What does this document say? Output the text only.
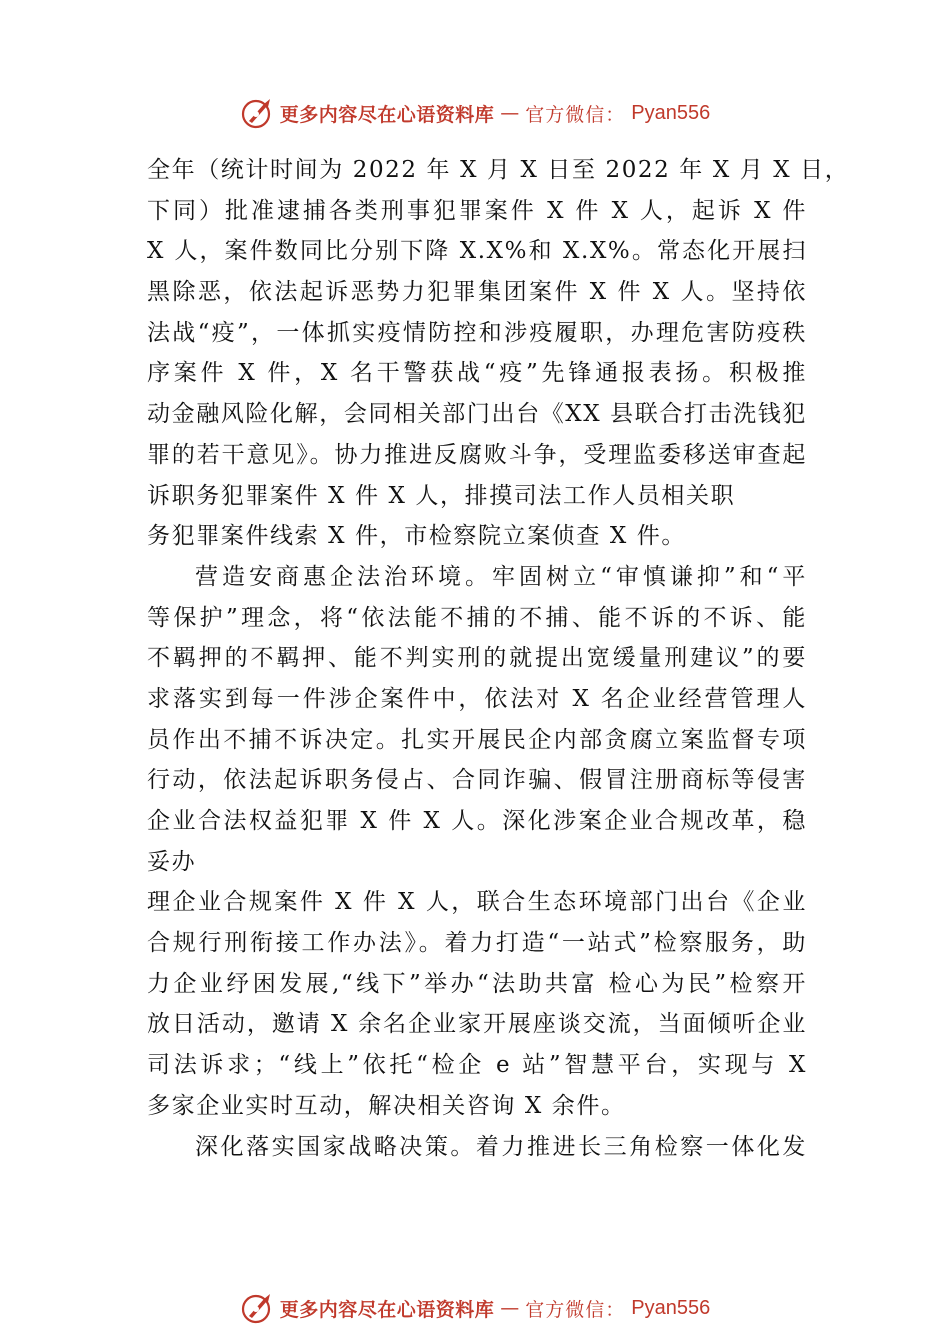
更多内容尽在心语资料库 — 官方微信： Pyan556
全年（统计时间为 2022 年 X 月 X 日至 2022 年 X 月 X 日，
下同）批准逮捕各类刑事犯罪案件 X 件 X 人，起诉 X 件
X 人，案件数同比分别下降 X.X%和 X.X%。常态化开展扫
黑除恶，依法起诉恶势力犯罪集团案件 X 件 X 人。坚持依
法战“疫”，一体抓实疫情防控和涉疫履职，办理危害防疫秩
序案件 X 件，X 名干警获战“疫”先锋通报表扬。积极推
动金融风险化解，会同相关部门出台《XX 县联合打击洗钱犯
罪的若干意见》。协力推进反腐败斗争，受理监委移送审查起
诉职务犯罪案件 X 件 X 人，排摸司法工作人员相关职
务犯罪案件线索 X 件，市检察院立案侦查 X 件。
营造安商惠企法治环境。牢固树立“审慎谦抑”和“平
等保护”理念，将“依法能不捕的不捕、能不诉的不诉、能
不羁押的不羁押、能不判实刑的就提出宽缓量刑建议”的要
求落实到每一件涉企案件中，依法对 X 名企业经营管理人
员作出不捕不诉决定。扎实开展民企内部贪腐立案监督专项
行动，依法起诉职务侵占、合同诈骗、假冒注册商标等侵害
企业合法权益犯罪 X 件 X 人。深化涉案企业合规改革，稳
妥办
理企业合规案件 X 件 X 人，联合生态环境部门出台《企业
合规行刑衔接工作办法》。着力打造“一站式”检察服务，助
力企业纾困发展,“线下”举办“法助共富 检心为民”检察开
放日活动，邀请 X 余名企业家开展座谈交流，当面倾听企业
司法诉求；“线上”依托“检企 e 站”智慧平台，实现与 X
多家企业实时互动，解决相关咨询 X 余件。
深化落实国家战略决策。着力推进长三角检察一体化发
更多内容尽在心语资料库 — 官方微信： Pyan556
